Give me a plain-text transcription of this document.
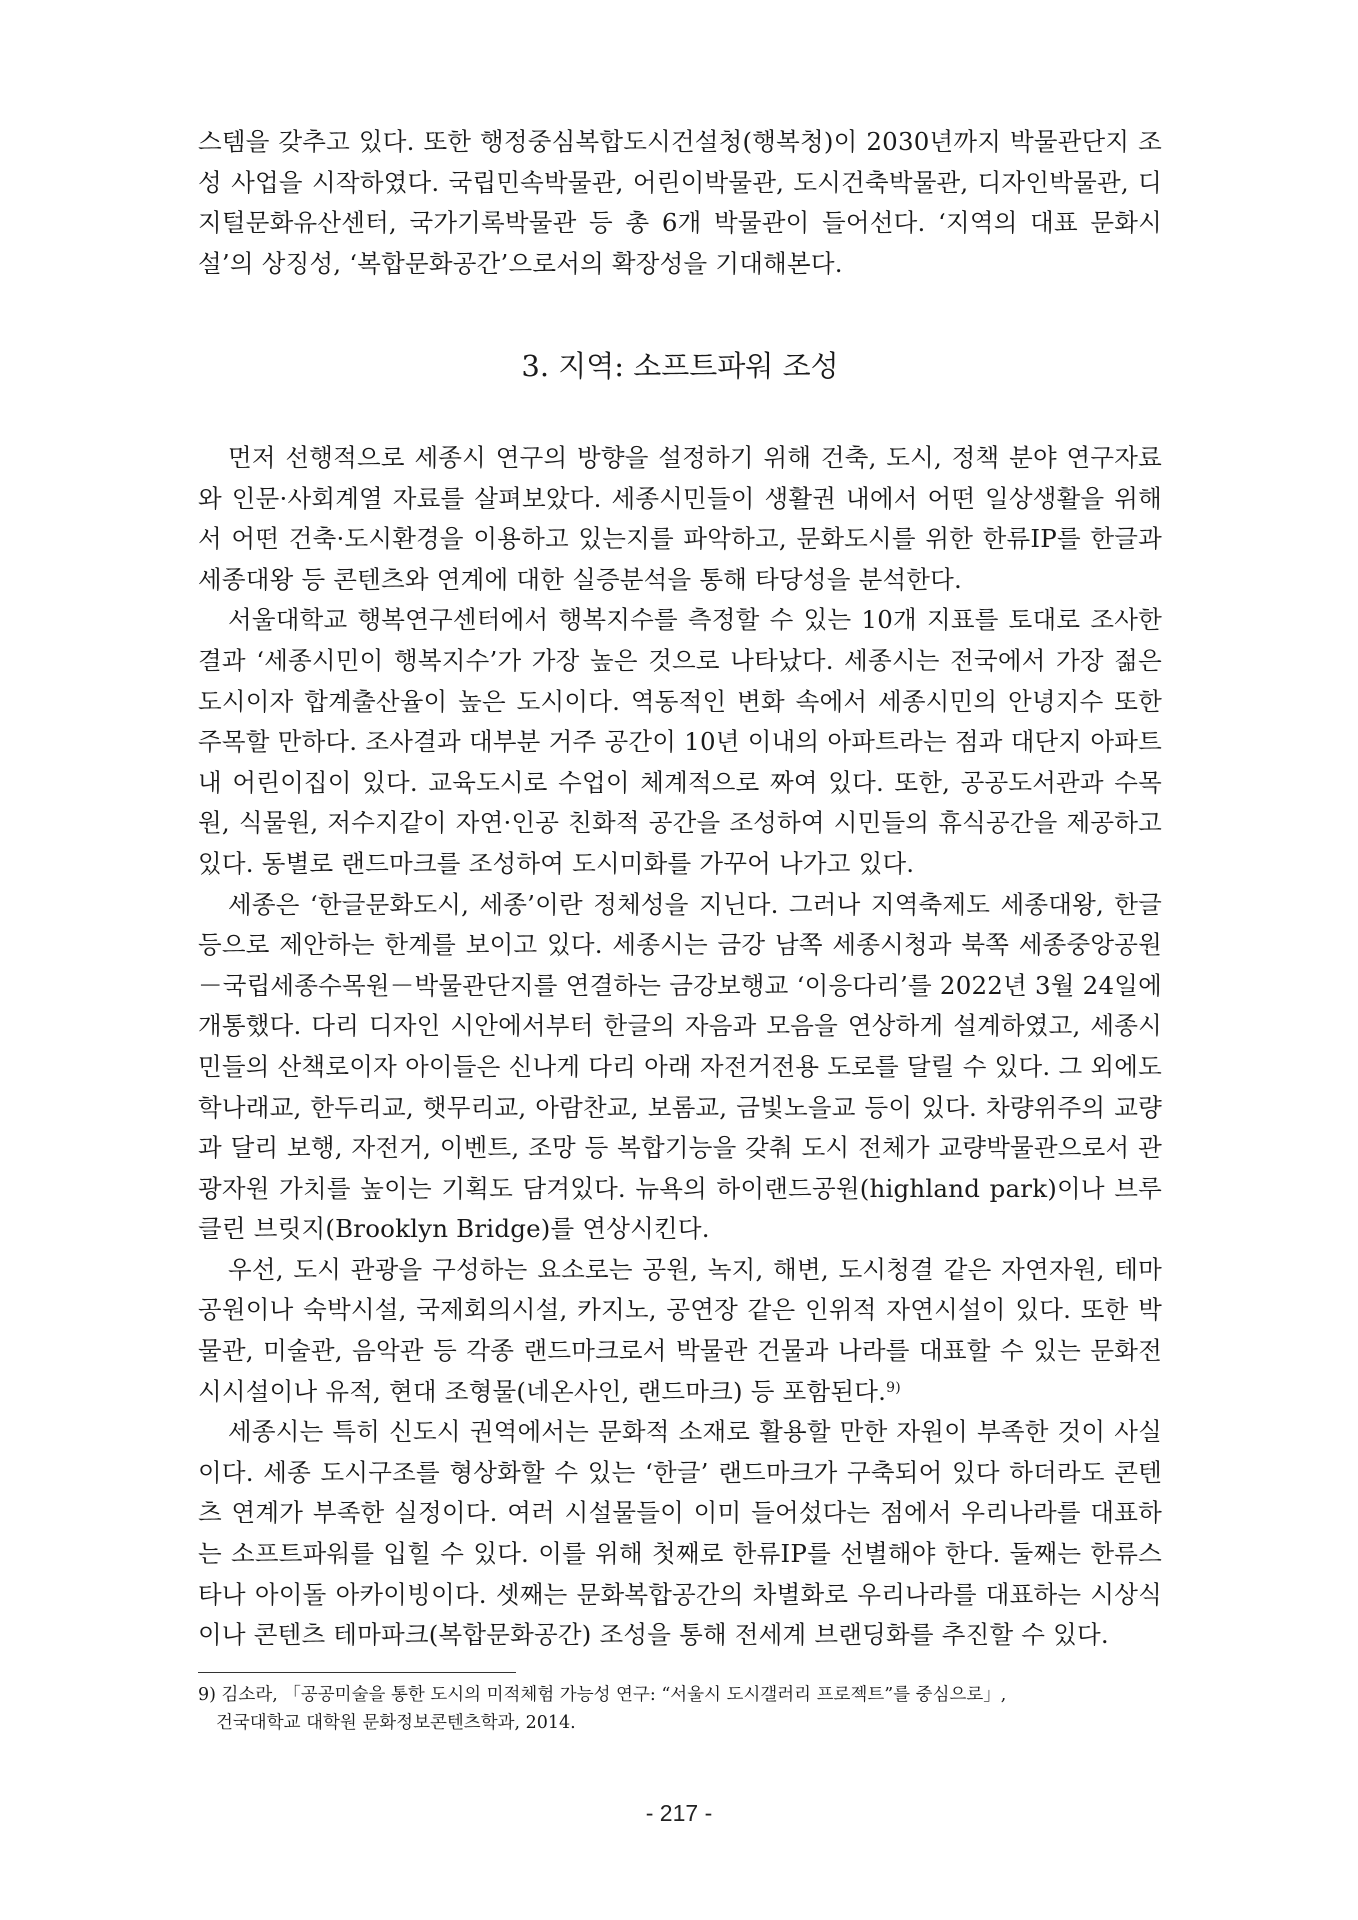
스템을 갖추고 있다. 또한 행정중심복합도시건설청(행복청)이 2030년까지 박물관단지 조성 사업을 시작하였다. 국립민속박물관, 어린이박물관, 도시건축박물관, 디자인박물관, 디지털문화유산센터, 국가기록박물관 등 총 6개 박물관이 들어선다. ‘지역의 대표 문화시설’의 상징성, ‘복합문화공간’으로서의 확장성을 기대해본다.

3. 지역: 소프트파워 조성

먼저 선행적으로 세종시 연구의 방향을 설정하기 위해 건축, 도시, 정책 분야 연구자료와 인문·사회계열 자료를 살펴보았다. 세종시민들이 생활권 내에서 어떤 일상생활을 위해서 어떤 건축·도시환경을 이용하고 있는지를 파악하고, 문화도시를 위한 한류IP를 한글과 세종대왕 등 콘텐츠와 연계에 대한 실증분석을 통해 타당성을 분석한다.

서울대학교 행복연구센터에서 행복지수를 측정할 수 있는 10개 지표를 토대로 조사한 결과 ‘세종시민이 행복지수’가 가장 높은 것으로 나타났다. 세종시는 전국에서 가장 젊은 도시이자 합계출산율이 높은 도시이다. 역동적인 변화 속에서 세종시민의 안녕지수 또한 주목할 만하다. 조사결과 대부분 거주 공간이 10년 이내의 아파트라는 점과 대단지 아파트 내 어린이집이 있다. 교육도시로 수업이 체계적으로 짜여 있다. 또한, 공공도서관과 수목원, 식물원, 저수지같이 자연·인공 친화적 공간을 조성하여 시민들의 휴식공간을 제공하고 있다. 동별로 랜드마크를 조성하여 도시미화를 가꾸어 나가고 있다.

세종은 ‘한글문화도시, 세종’이란 정체성을 지닌다. 그러나 지역축제도 세종대왕, 한글 등으로 제안하는 한계를 보이고 있다. 세종시는 금강 남쪽 세종시청과 북쪽 세종중앙공원－국립세종수목원－박물관단지를 연결하는 금강보행교 ‘이응다리’를 2022년 3월 24일에 개통했다. 다리 디자인 시안에서부터 한글의 자음과 모음을 연상하게 설계하였고, 세종시민들의 산책로이자 아이들은 신나게 다리 아래 자전거전용 도로를 달릴 수 있다. 그 외에도 학나래교, 한두리교, 햇무리교, 아람찬교, 보롬교, 금빛노을교 등이 있다. 차량위주의 교량과 달리 보행, 자전거, 이벤트, 조망 등 복합기능을 갖춰 도시 전체가 교량박물관으로서 관광자원 가치를 높이는 기획도 담겨있다. 뉴욕의 하이랜드공원(highland park)이나 브루클린 브릿지(Brooklyn Bridge)를 연상시킨다.

우선, 도시 관광을 구성하는 요소로는 공원, 녹지, 해변, 도시청결 같은 자연자원, 테마공원이나 숙박시설, 국제회의시설, 카지노, 공연장 같은 인위적 자연시설이 있다. 또한 박물관, 미술관, 음악관 등 각종 랜드마크로서 박물관 건물과 나라를 대표할 수 있는 문화전시시설이나 유적, 현대 조형물(네온사인, 랜드마크) 등 포함된다.$^{9)}$

세종시는 특히 신도시 권역에서는 문화적 소재로 활용할 만한 자원이 부족한 것이 사실이다. 세종 도시구조를 형상화할 수 있는 ‘한글’ 랜드마크가 구축되어 있다 하더라도 콘텐츠 연계가 부족한 실정이다. 여러 시설물들이 이미 들어섰다는 점에서 우리나라를 대표하는 소프트파워를 입힐 수 있다. 이를 위해 첫째로 한류IP를 선별해야 한다. 둘째는 한류스타나 아이돌 아카이빙이다. 셋째는 문화복합공간의 차별화로 우리나라를 대표하는 시상식이나 콘텐츠 테마파크(복합문화공간) 조성을 통해 전세계 브랜딩화를 추진할 수 있다.

9) 김소라, 「공공미술을 통한 도시의 미적체험 가능성 연구: “서울시 도시갤러리 프로젝트”를 중심으로」,
건국대학교 대학원 문화정보콘텐츠학과, 2014.
- 217 -
